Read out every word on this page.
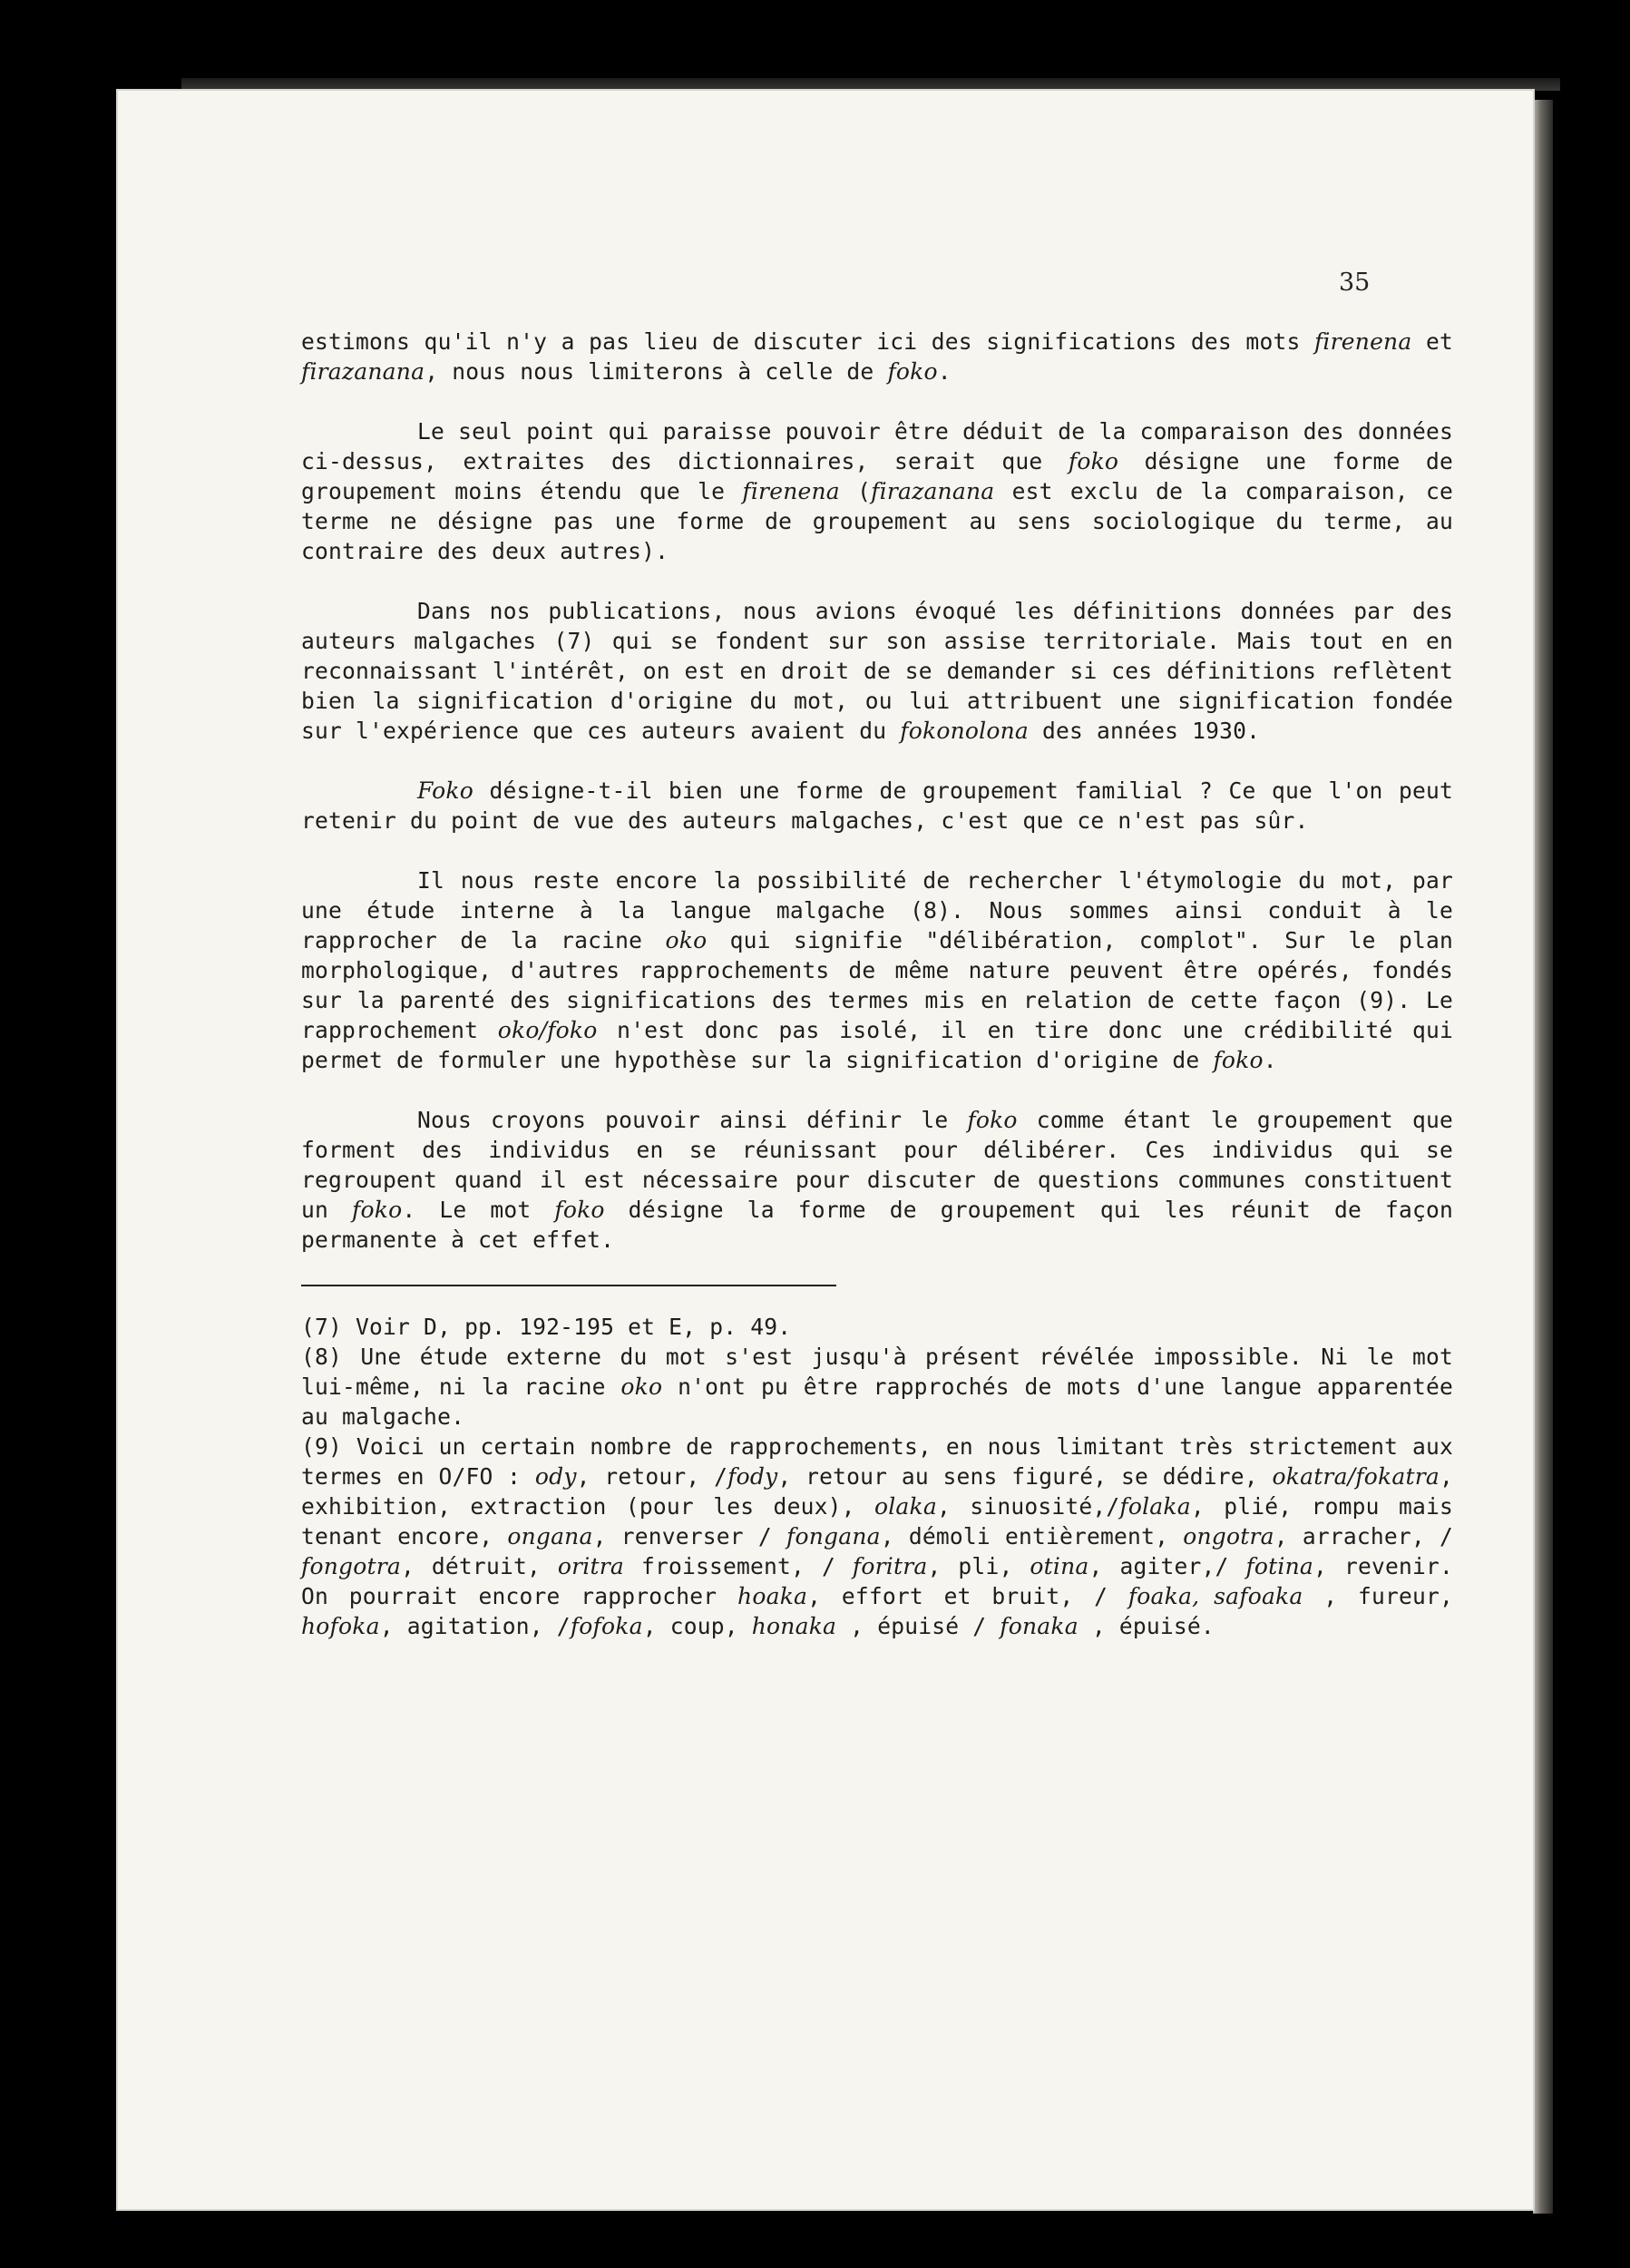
35

estimons qu'il n'y a pas lieu de discuter ici des significations des mots firenena et firazanana, nous nous limiterons à celle de foko.

Le seul point qui paraisse pouvoir être déduit de la comparaison des données ci-dessus, extraites des dictionnaires, serait que foko désigne une forme de groupement moins étendu que le firenena (firazanana est exclu de la comparaison, ce terme ne désigne pas une forme de groupement au sens sociologique du terme, au contraire des deux autres).

Dans nos publications, nous avions évoqué les définitions données par des auteurs malgaches (7) qui se fondent sur son assise territoriale. Mais tout en en reconnaissant l'intérêt, on est en droit de se demander si ces définitions reflètent bien la signification d'origine du mot, ou lui attribuent une signification fondée sur l'expérience que ces auteurs avaient du fokonolona des années 1930.

Foko désigne-t-il bien une forme de groupement familial ? Ce que l'on peut retenir du point de vue des auteurs malgaches, c'est que ce n'est pas sûr.

Il nous reste encore la possibilité de rechercher l'étymologie du mot, par une étude interne à la langue malgache (8). Nous sommes ainsi conduit à le rapprocher de la racine oko qui signifie "délibération, complot". Sur le plan morphologique, d'autres rapprochements de même nature peuvent être opérés, fondés sur la parenté des significations des termes mis en relation de cette façon (9). Le rapprochement oko/foko n'est donc pas isolé, il en tire donc une crédibilité qui permet de formuler une hypothèse sur la signification d'origine de foko.

Nous croyons pouvoir ainsi définir le foko comme étant le groupement que forment des individus en se réunissant pour délibérer. Ces individus qui se regroupent quand il est nécessaire pour discuter de questions communes constituent un foko. Le mot foko désigne la forme de groupement qui les réunit de façon permanente à cet effet.

(7) Voir D, pp. 192-195 et E, p. 49.

(8) Une étude externe du mot s'est jusqu'à présent révélée impossible. Ni le mot lui-même, ni la racine oko n'ont pu être rapprochés de mots d'une langue apparentée au malgache.

(9) Voici un certain nombre de rapprochements, en nous limitant très strictement aux termes en O/FO : ody, retour, /fody, retour au sens figuré, se dédire, okatra/fokatra, exhibition, extraction (pour les deux), olaka, sinuosité,/folaka, plié, rompu mais tenant encore, ongana, renverser / fongana, démoli entièrement, ongotra, arracher, / fongotra, détruit, oritra froissement, / foritra, pli, otina, agiter,/ fotina, revenir. On pourrait encore rapprocher hoaka, effort et bruit, / foaka, safoaka , fureur, hofoka, agitation, /fofoka, coup, honaka , épuisé / fonaka , épuisé.
